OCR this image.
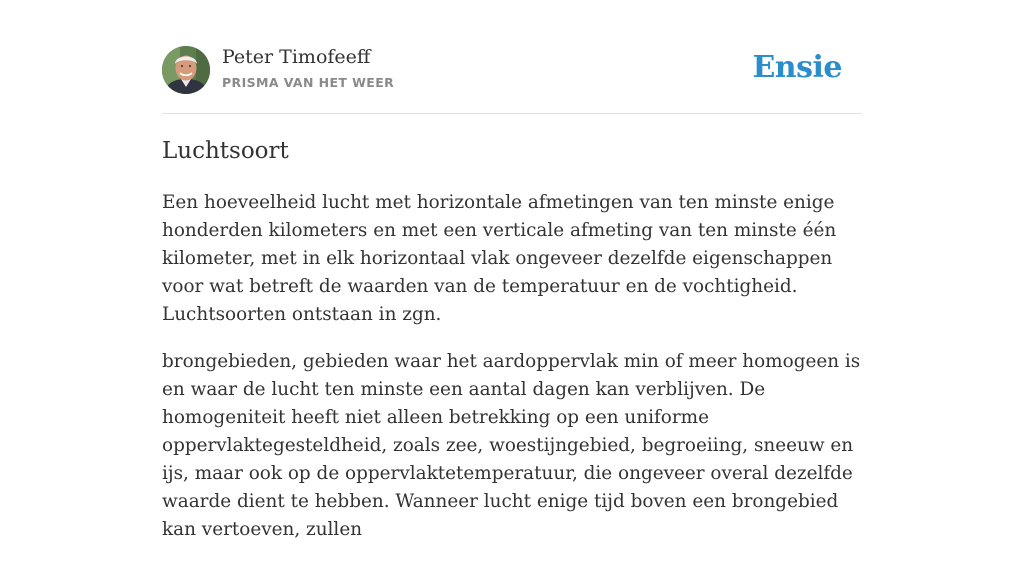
Peter Timofeeff
PRISMA VAN HET WEER	Ensie
Luchtsoort

Een hoeveelheid lucht met horizontale afmetingen van ten minste enige honderden kilometers en met een verticale afmeting van ten minste één kilometer, met in elk horizontaal vlak ongeveer dezelfde eigenschappen voor wat betreft de waarden van de temperatuur en de vochtigheid. Luchtsoorten ontstaan in zgn.

brongebieden, gebieden waar het aardoppervlak min of meer homogeen is en waar de lucht ten minste een aantal dagen kan verblijven. De homogeniteit heeft niet alleen betrekking op een uniforme oppervlaktegesteldheid, zoals zee, woestijngebied, begroeiing, sneeuw en ijs, maar ook op de oppervlaktetemperatuur, die ongeveer overal dezelfde waarde dient te hebben. Wanneer lucht enige tijd boven een brongebied kan vertoeven, zullen
